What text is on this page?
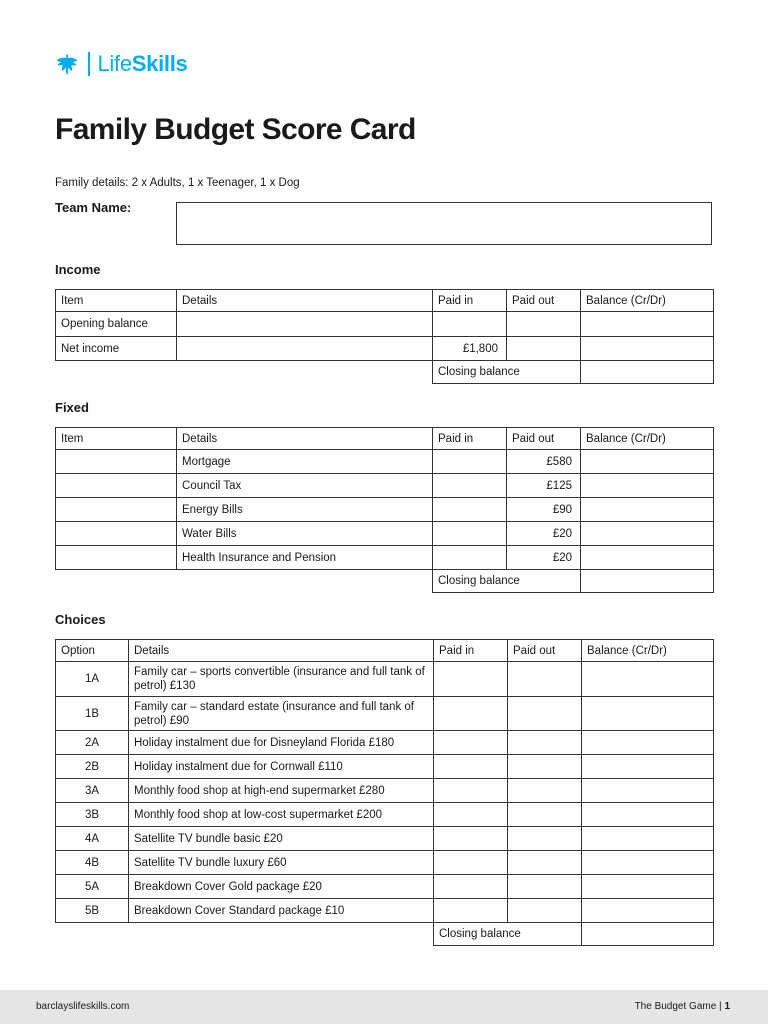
LifeSkills
Family Budget Score Card
Family details: 2 x Adults, 1 x Teenager, 1 x Dog
Team Name:
Income
Item	Details	Paid in	Paid out	Balance (Cr/Dr)
Opening balance				
Net income		£1,800		
		Closing balance		
Fixed
Item	Details	Paid in	Paid out	Balance (Cr/Dr)
	Mortgage		£580	
	Council Tax		£125	
	Energy Bills		£90	
	Water Bills		£20	
	Health Insurance and Pension		£20	
		Closing balance		
Choices
Option	Details	Paid in	Paid out	Balance (Cr/Dr)
1A	Family car – sports convertible (insurance and full tank of petrol) £130			
1B	Family car – standard estate (insurance and full tank of petrol) £90			
2A	Holiday instalment due for Disneyland Florida £180			
2B	Holiday instalment due for Cornwall £110			
3A	Monthly food shop at high-end supermarket £280			
3B	Monthly food shop at low-cost supermarket £200			
4A	Satellite TV bundle basic £20			
4B	Satellite TV bundle luxury £60			
5A	Breakdown Cover Gold package £20			
5B	Breakdown Cover Standard package £10			
		Closing balance		
barclayslifeskills.com	The Budget Game | 1
